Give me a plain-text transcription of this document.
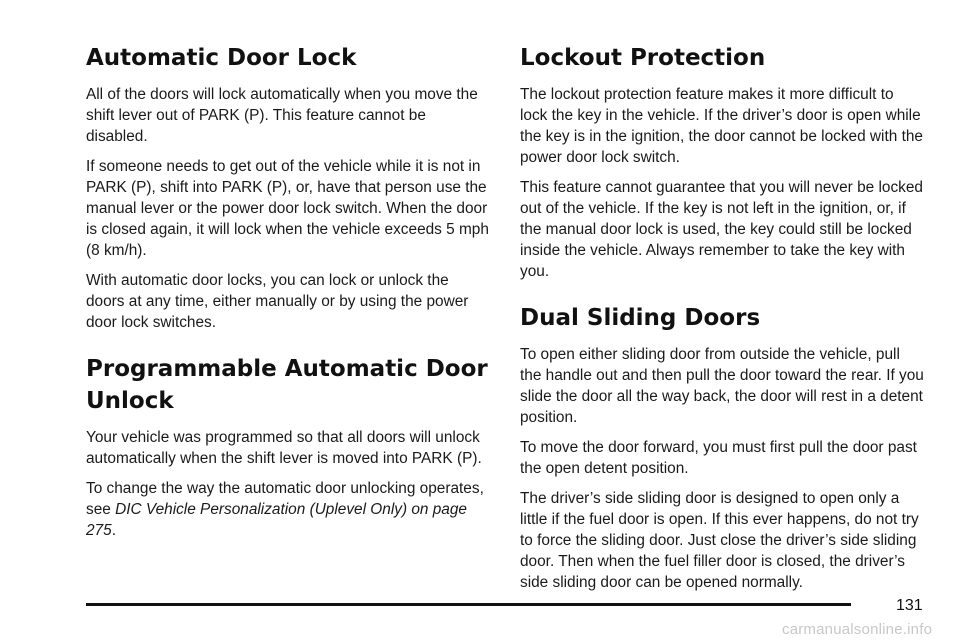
Automatic Door Lock

All of the doors will lock automatically when you move the shift lever out of PARK (P). This feature cannot be disabled.

If someone needs to get out of the vehicle while it is not in PARK (P), shift into PARK (P), or, have that person use the manual lever or the power door lock switch. When the door is closed again, it will lock when the vehicle exceeds 5 mph (8 km/h).

With automatic door locks, you can lock or unlock the doors at any time, either manually or by using the power door lock switches.

Programmable Automatic Door Unlock

Your vehicle was programmed so that all doors will unlock automatically when the shift lever is moved into PARK (P).

To change the way the automatic door unlocking operates, see DIC Vehicle Personalization (Uplevel Only) on page 275.

Lockout Protection

The lockout protection feature makes it more difficult to lock the key in the vehicle. If the driver’s door is open while the key is in the ignition, the door cannot be locked with the power door lock switch.

This feature cannot guarantee that you will never be locked out of the vehicle. If the key is not left in the ignition, or, if the manual door lock is used, the key could still be locked inside the vehicle. Always remember to take the key with you.

Dual Sliding Doors

To open either sliding door from outside the vehicle, pull the handle out and then pull the door toward the rear. If you slide the door all the way back, the door will rest in a detent position.

To move the door forward, you must first pull the door past the open detent position.

The driver’s side sliding door is designed to open only a little if the fuel door is open. If this ever happens, do not try to force the sliding door. Just close the driver’s side sliding door. Then when the fuel filler door is closed, the driver’s side sliding door can be opened normally.

131
carmanualsonline.info
